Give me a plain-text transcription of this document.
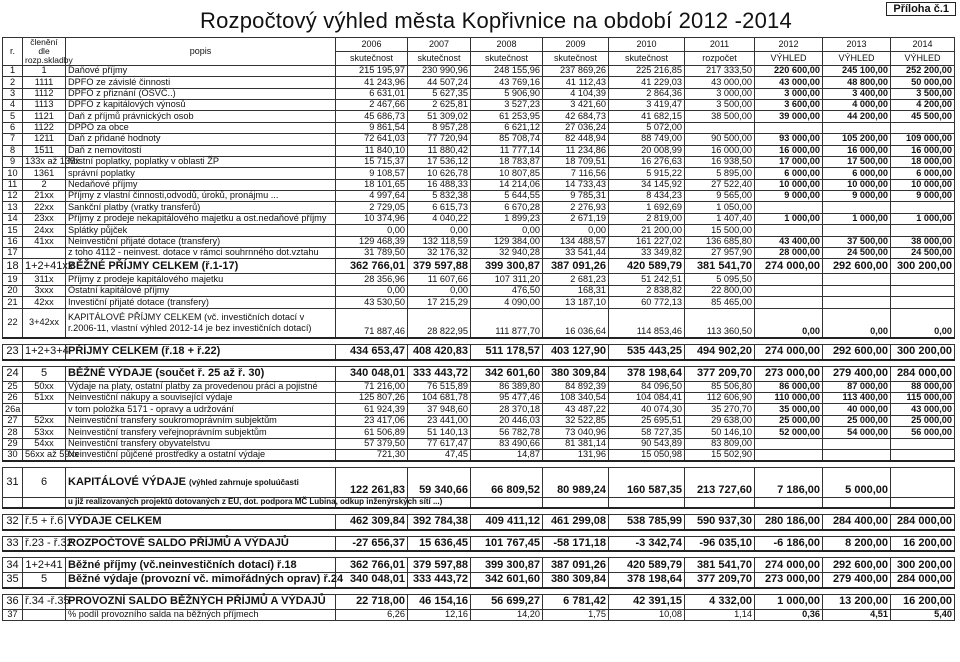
Rozpočtový výhled města Kopřivnice na období 2012 -2014	Příloha č.1
r.	členění dle rozp.skladby	popis	2006	2007	2008	2009	2010	2011	2012	2013	2014
			skutečnost	skutečnost	skutečnost	skutečnost	skutečnost	rozpočet	VÝHLED	VÝHLED	VÝHLED
1	1	Daňové příjmy	215 195,97	230 990,96	248 155,96	237 869,26	225 216,85	217 333,50	220 600,00	245 100,00	252 200,00
2	1111	DPFO ze závislé činnosti	41 243,96	44 507,24	43 769,16	41 112,43	41 229,03	43 000,00	43 000,00	48 800,00	50 000,00
3	1112	DPFO z přiznání (OSVČ..)	6 631,01	5 627,35	5 906,90	4 104,39	2 864,36	3 000,00	3 000,00	3 400,00	3 500,00
4	1113	DPFO z kapitálových výnosů	2 467,66	2 625,81	3 527,23	3 421,60	3 419,47	3 500,00	3 600,00	4 000,00	4 200,00
5	1121	Daň z příjmů právnických osob	45 686,73	51 309,02	61 253,95	42 684,73	41 682,15	38 500,00	39 000,00	44 200,00	45 500,00
6	1122	DPPO za obce	9 861,54	8 957,28	6 621,12	27 036,24	5 072,00				
7	1211	Daň z přidané hodnoty	72 641,03	77 720,94	85 708,74	82 448,94	88 749,00	90 500,00	93 000,00	105 200,00	109 000,00
8	1511	Daň z nemovitostí	11 840,10	11 880,42	11 777,14	11 234,86	20 008,99	16 000,00	16 000,00	16 000,00	16 000,00
9	133x až 135x	Místní poplatky, poplatky v oblasti ŽP	15 715,37	17 536,12	18 783,87	18 709,51	16 276,63	16 938,50	17 000,00	17 500,00	18 000,00
10	1361	správní poplatky	9 108,57	10 626,78	10 807,85	7 116,56	5 915,22	5 895,00	6 000,00	6 000,00	6 000,00
11	2	Nedaňové příjmy	18 101,65	16 488,33	14 214,06	14 733,43	34 145,92	27 522,40	10 000,00	10 000,00	10 000,00
12	21xx	Příjmy z vlastní činnosti,odvodů, úroků, pronájmu ...	4 997,64	5 832,38	5 644,55	9 785,31	8 434,23	9 565,00	9 000,00	9 000,00	9 000,00
13	22xx	Sankční platby (vratky transferů)	2 729,05	6 615,73	6 670,28	2 276,93	1 692,69	1 050,00			
14	23xx	Příjmy z prodeje nekapitálového majetku a ost.nedaňové příjmy	10 374,96	4 040,22	1 899,23	2 671,19	2 819,00	1 407,40	1 000,00	1 000,00	1 000,00
15	24xx	Splátky půjček	0,00	0,00	0,00	0,00	21 200,00	15 500,00			
16	41xx	Neinvestiční přijaté dotace (transfery)	129 468,39	132 118,59	129 384,00	134 488,57	161 227,02	136 685,80	43 400,00	37 500,00	38 000,00
17		z toho 4112 - neinvest. dotace v rámci souhrnného dot.vztahu	31 789,50	32 176,32	32 940,28	33 541,44	33 349,82	27 957,90	28 000,00	24 500,00	24 500,00
18	1+2+41xx	BĚŽNÉ PŘÍJMY CELKEM (ř.1-17)	362 766,01	379 597,88	399 300,87	387 091,26	420 589,79	381 541,70	274 000,00	292 600,00	300 200,00
19	311x	Příjmy z prodeje kapitálového majetku	28 356,96	11 607,66	107 311,20	2 681,23	51 242,51	5 095,50			
20	3xxx	Ostatní kapitálové příjmy	0,00	0,00	476,50	168,31	2 838,82	22 800,00			
21	42xx	Investiční přijaté dotace (transfery)	43 530,50	17 215,29	4 090,00	13 187,10	60 772,13	85 465,00			
22	3+42xx	KAPITÁLOVÉ PŘÍJMY CELKEM (vč. investičních dotací v r.2006-11, vlastní výhled 2012-14 je bez investičních dotací)	71 887,46	28 822,95	111 877,70	16 036,64	114 853,46	113 360,50	0,00	0,00	0,00

23	1+2+3+4	PŘÍJMY CELKEM (ř.18 + ř.22)	434 653,47	408 420,83	511 178,57	403 127,90	535 443,25	494 902,20	274 000,00	292 600,00	300 200,00

24	5	BĚŽNÉ VÝDAJE (součet ř. 25 až ř. 30)	340 048,01	333 443,72	342 601,60	380 309,84	378 198,64	377 209,70	273 000,00	279 400,00	284 000,00
25	50xx	Výdaje na platy, ostatní platby za provedenou práci a pojistné	71 216,00	76 515,89	86 389,80	84 892,39	84 096,50	85 506,80	86 000,00	87 000,00	88 000,00
26	51xx	Neinvestiční nákupy a související výdaje	125 807,26	104 681,78	95 477,46	108 340,54	104 084,41	112 606,90	110 000,00	113 400,00	115 000,00
26a		v tom položka 5171 - opravy a udržování	61 924,39	37 948,60	28 370,18	43 487,22	40 074,30	35 270,70	35 000,00	40 000,00	43 000,00
27	52xx	Neinvestiční transfery soukromoprávním subjektům	23 417,06	23 441,00	20 446,03	32 522,85	25 695,51	29 638,00	25 000,00	25 000,00	25 000,00
28	53xx	Neinvestiční transfery veřejnoprávním subjektům	61 506,89	51 140,13	56 782,78	73 040,96	58 727,35	50 146,10	52 000,00	54 000,00	56 000,00
29	54xx	Neinvestiční transfery obyvatelstvu	57 379,50	77 617,47	83 490,66	81 381,14	90 543,89	83 809,00			
30	56xx až 59xx	Neinvestiční půjčené prostředky a ostatní výdaje	721,30	47,45	14,87	131,96	15 050,98	15 502,90			

31	6	KAPITÁLOVÉ VÝDAJE (výhled zahrnuje spoluúčasti	122 261,83	59 340,66	66 809,52	80 989,24	160 587,35	213 727,60	7 186,00	5 000,00	
		u již realizovaných projektů dotovaných z EU, dot. podpora MČ Lubina, odkup inženýrských sítí ...)									

32	ř.5 + ř.6	VÝDAJE CELKEM	462 309,84	392 784,38	409 411,12	461 299,08	538 785,99	590 937,30	280 186,00	284 400,00	284 000,00

33	ř.23 - ř.32	ROZPOČTOVÉ SALDO PŘÍJMŮ A VÝDAJŮ	-27 656,37	15 636,45	101 767,45	-58 171,18	-3 342,74	-96 035,10	-6 186,00	8 200,00	16 200,00

34	1+2+41	Běžné příjmy (vč.neinvestičních dotací) ř.18	362 766,01	379 597,88	399 300,87	387 091,26	420 589,79	381 541,70	274 000,00	292 600,00	300 200,00
35	5	Běžné výdaje (provozní vč. mimořádných oprav) ř.24	340 048,01	333 443,72	342 601,60	380 309,84	378 198,64	377 209,70	273 000,00	279 400,00	284 000,00

36	ř.34 -ř.35	PROVOZNÍ SALDO BĚŽNÝCH PŘÍJMŮ A VÝDAJŮ	22 718,00	46 154,16	56 699,27	6 781,42	42 391,15	4 332,00	1 000,00	13 200,00	16 200,00
37		% podíl provozního salda na běžných příjmech	6,26	12,16	14,20	1,75	10,08	1,14	0,36	4,51	5,40
